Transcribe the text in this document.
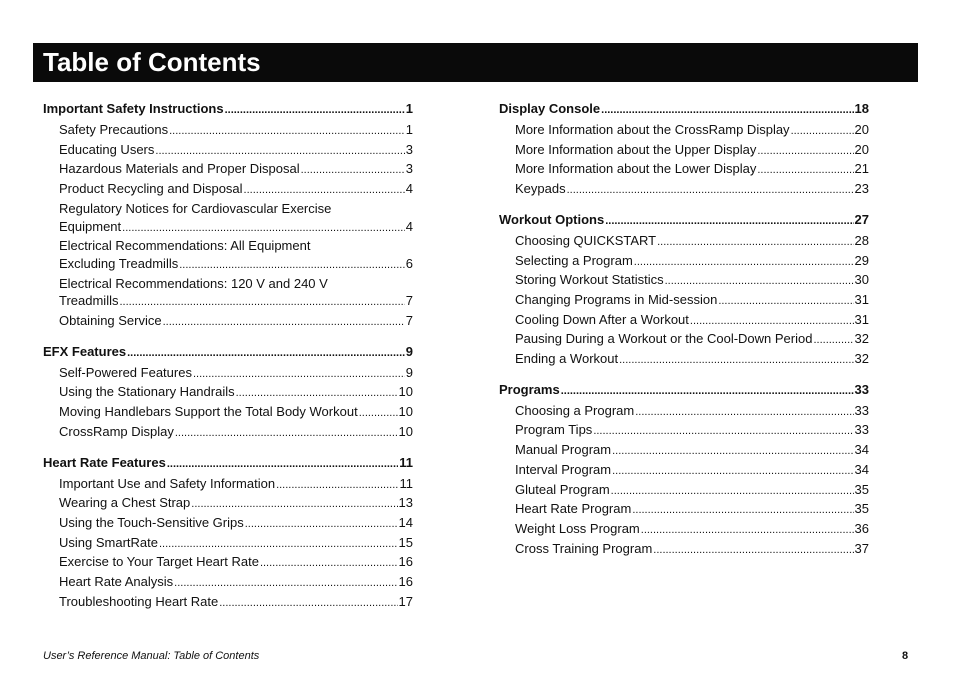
Table of Contents
Important Safety Instructions .....	1
Safety Precautions .....	1
Educating Users .....	3
Hazardous Materials and Proper Disposal .....	3
Product Recycling and Disposal .....	4
Regulatory Notices for Cardiovascular Exercise
Equipment .....	4
Electrical Recommendations: All Equipment
Excluding Treadmills .....	6
Electrical Recommendations: 120 V and 240 V
Treadmills .....	7
Obtaining Service .....	7
EFX Features .....	9
Self-Powered Features .....	9
Using the Stationary Handrails .....	10
Moving Handlebars Support the Total Body Workout .....	10
CrossRamp Display .....	10
Heart Rate Features .....	11
Important Use and Safety Information .....	11
Wearing a Chest Strap .....	13
Using the Touch-Sensitive Grips .....	14
Using SmartRate .....	15
Exercise to Your Target Heart Rate .....	16
Heart Rate Analysis .....	16
Troubleshooting Heart Rate .....	17
Display Console .....	18
More Information about the CrossRamp Display .....	20
More Information about the Upper Display .....	20
More Information about the Lower Display .....	21
Keypads .....	23
Workout Options .....	27
Choosing QUICKSTART .....	28
Selecting a Program .....	29
Storing Workout Statistics .....	30
Changing Programs in Mid-session .....	31
Cooling Down After a Workout .....	31
Pausing During a Workout or the Cool-Down Period .....	32
Ending a Workout .....	32
Programs .....	33
Choosing a Program .....	33
Program Tips .....	33
Manual Program .....	34
Interval Program .....	34
Gluteal Program .....	35
Heart Rate Program .....	35
Weight Loss Program .....	36
Cross Training Program .....	37
User’s Reference Manual: Table of Contents	8
